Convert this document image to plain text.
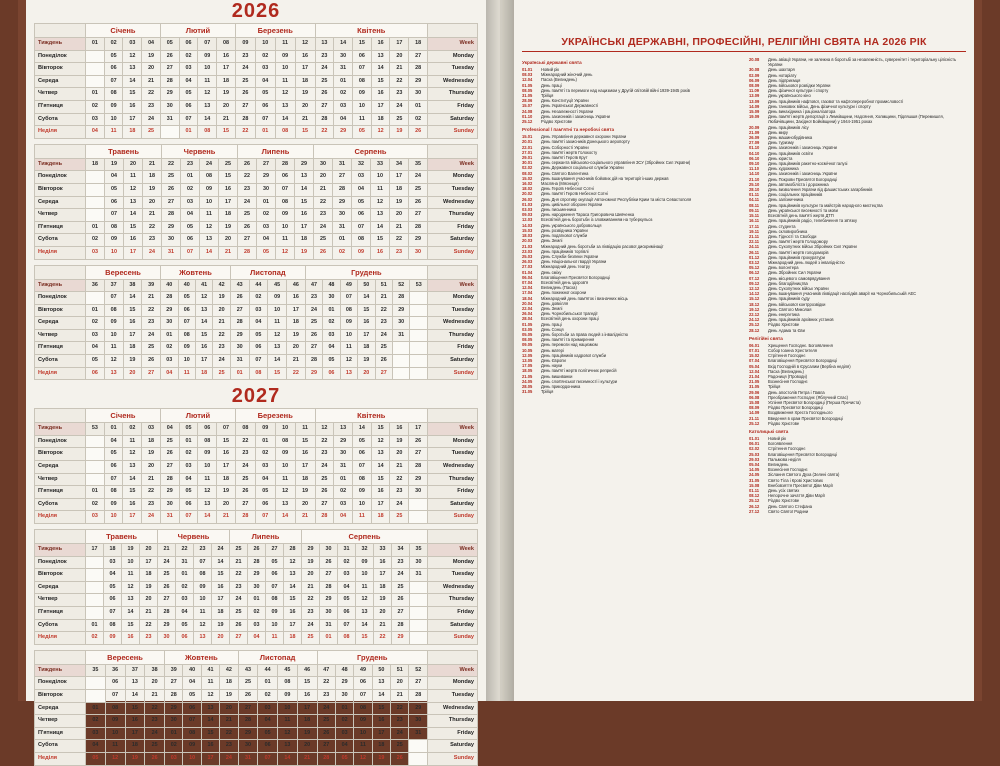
2026
	Січень				Лютий				Березень				Квітень						
Тиждень	01	02	03	04	05	06	07	08	09	10	11	12	13	14	15	16	17	18	Week
Понеділок		05	12	19	26	02	09	16	23	02	09	16	23	30	06	13	20	27	Monday
Вівторок		06	13	20	27	03	10	17	24	03	10	17	24	31	07	14	21	28	Tuesday
Середа		07	14	21	28	04	11	18	25	04	11	18	25	01	08	15	22	29	Wednesday
Четвер	01	08	15	22	29	05	12	19	26	05	12	19	26	02	09	16	23	30	Thursday
П'ятниця	02	09	16	23	30	06	13	20	27	06	13	20	27	03	10	17	24	01	Friday
Субота	03	10	17	24	31	07	14	21	28	07	14	21	28	04	11	18	25	02	Saturday
Неділя	04	11	18	25		01	08	15	22	01	08	15	22	29	05	12	19	26	Sunday
	Травень				Червень				Липень				Серпень						
Тиждень	18	19	20	21	22	23	24	25	26	27	28	29	30	31	32	33	34	35	Week
Понеділок		04	11	18	25	01	08	15	22	29	06	13	20	27	03	10	17	24	Monday
Вівторок		05	12	19	26	02	09	16	23	30	07	14	21	28	04	11	18	25	Tuesday
Середа		06	13	20	27	03	10	17	24	01	08	15	22	29	05	12	19	26	Wednesday
Четвер		07	14	21	28	04	11	18	25	02	09	16	23	30	06	13	20	27	Thursday
П'ятниця	01	08	15	22	29	05	12	19	26	03	10	17	24	31	07	14	21	28	Friday
Субота	02	09	16	23	30	06	13	20	27	04	11	18	25	01	08	15	22	29	Saturday
Неділя	03	10	17	24	31	07	14	21	28	05	12	19	26	02	09	16	23	30	Sunday
	Вересень				Жовтень				Листопад				Грудень							
Тиждень	36	37	38	39	40	40	41	42	43	44	45	46	47	48	49	50	51	52	53	Week
Понеділок		07	14	21	28	05	12	19	26	02	09	16	23	30	07	14	21	28		Monday
Вівторок	01	08	15	22	29	06	13	20	27	03	10	17	24	01	08	15	22	29		Tuesday
Середа	02	09	16	23	30	07	14	21	28	04	11	18	25	02	09	16	23	30		Wednesday
Четвер	03	10	17	24	01	08	15	22	29	05	12	19	26	03	10	17	24	31		Thursday
П'ятниця	04	11	18	25	02	09	16	23	30	06	13	20	27	04	11	18	25			Friday
Субота	05	12	19	26	03	10	17	24	31	07	14	21	28	05	12	19	26			Saturday
Неділя	06	13	20	27	04	11	18	25	01	08	15	22	29	06	13	20	27			Sunday
2027
	Січень				Лютий				Березень				Квітень						
Тиждень	53	01	02	03	04	05	06	07	08	09	10	11	12	13	14	15	16	17	Week
Понеділок		04	11	18	25	01	08	15	22	01	08	15	22	29	05	12	19	26	Monday
Вівторок		05	12	19	26	02	09	16	23	02	09	16	23	30	06	13	20	27	Tuesday
Середа		06	13	20	27	03	10	17	24	03	10	17	24	31	07	14	21	28	Wednesday
Четвер		07	14	21	28	04	11	18	25	04	11	18	25	01	08	15	22	29	Thursday
П'ятниця	01	08	15	22	29	05	12	19	26	05	12	19	26	02	09	16	23	30	Friday
Субота	02	09	16	23	30	06	13	20	27	06	13	20	27	03	10	17	24		Saturday
Неділя	03	10	17	24	31	07	14	21	28	07	14	21	28	04	11	18	25		Sunday
	Травень				Червень				Липень				Серпень							
Тиждень	17	18	19	20	21	22	23	24	25	26	27	28	29	30	31	32	33	34	35	Week
Понеділок		03	10	17	24	31	07	14	21	28	05	12	19	26	02	09	16	23	30	Monday
Вівторок		04	11	18	25	01	08	15	22	29	06	13	20	27	03	10	17	24	31	Tuesday
Середа		05	12	19	26	02	09	16	23	30	07	14	21	28	04	11	18	25		Wednesday
Четвер		06	13	20	27	03	10	17	24	01	08	15	22	29	05	12	19	26		Thursday
П'ятниця		07	14	21	28	04	11	18	25	02	09	16	23	30	06	13	20	27		Friday
Субота	01	08	15	22	29	05	12	19	26	03	10	17	24	31	07	14	21	28		Saturday
Неділя	02	09	16	23	30	06	13	20	27	04	11	18	25	01	08	15	22	29		Sunday
	Вересень				Жовтень				Листопад				Грудень						
Тиждень	35	36	37	38	39	40	41	42	43	44	45	46	47	48	49	50	51	52	Week
Понеділок		06	13	20	27	04	11	18	25	01	08	15	22	29	06	13	20	27	Monday
Вівторок		07	14	21	28	05	12	19	26	02	09	16	23	30	07	14	21	28	Tuesday
Середа	01	08	15	22	29	06	13	20	27	03	10	17	24	01	08	15	22	29	Wednesday
Четвер	02	09	16	23	30	07	14	21	28	04	11	18	25	02	09	16	23	30	Thursday
П'ятниця	03	10	17	24	01	08	15	22	29	05	12	19	26	03	10	17	24	31	Friday
Субота	04	11	18	25	02	09	16	23	30	06	13	20	27	04	11	18	25		Saturday
Неділя	05	12	19	26	03	10	17	24	31	07	14	21	28	05	12	19	26		Sunday
УКРАЇНСЬКІ ДЕРЖАВНІ, ПРОФЕСІЙНІ, РЕЛІГІЙНІ СВЯТА НА 2026 РІК
Українські державні свята
01.01	Новий рік
08.03	Міжнародний жіночий день
12.04	Пасха (Великдень)
01.05	День праці
08.05	День пам'яті та перемоги над нацизмом у Другій світовій війні 1939-1945 років
31.05	Трійця
28.06	День Конституції України
15.07	День Української Державності
24.08	День Незалежності України
01.10	День захисників і захисниць України
25.12	Різдво Христове
Professional / пам'ятні та неробочі свята
15.01	День Управління державної охорони України
20.01	День пам'яті захисників Донецького аеропорту
22.01	День Соборності України
27.01	День пам'яті жертв Голокосту
29.01	День пам'яті Героїв Крут
30.01	День сержанта військово-соціального управління ЗСУ (Збройних Сил України)
02.02	День Державної соціальної служби України
08.02	День Святого Валентина
15.02	День вшанування учасників бойових дій на території інших держав
16.02	Масляна (Мясниця)
18.02	День Героїв Небесної Сотні
20.02	День пам'яті Героїв Небесної Сотні
26.02	День Дня спротиву окупації Автономної Республіки Крим та міста Севастополя
01.03	День цивільної оборони України
03.03	День письменника
09.03	День народження Тараса Григоровича Шевченка
12.03	Всесвітній день боротьби із зловживанням на туберкульоз
14.03	День українського добровольця
15.03	День розвідника України
18.03	День податкової служби
20.03	День Землі
21.03	Міжнародний день боротьби за ліквідацію расової дискримінації
23.03	День працівників торгівлі
25.03	День Служби безпеки України
26.03	День Національної гвардії України
27.03	Міжнародний день театру
01.04	День сміху
06.04	Благовіщення Пресвятої Богородиці
07.04	Всесвітній день здоров'я
12.04	Великдень (Пасха)
17.04	День пожежної охорони
18.04	Міжнародний день пам'яток і визначних місць
20.04	День довкілля
22.04	День Землі
26.04	День Чорнобильської трагедії
28.04	Всесвітній день охорони праці
01.05	День праці
03.05	День Сонця
05.05	День боротьби за права людей з інвалідністю
08.05	День пам'яті та примирення
09.05	День перемоги над нацизмом
10.05	День матері
12.05	День працівників кадрової служби
13.05	День Європи
17.05	День науки
18.05	День пам'яті жертв політичних репресій
21.05	День вишиванки
24.05	День слов'янської писемності і культури
28.05	День прикордонника
31.05	Трійця
20.08	День авіації України, не залежна в боротьбі за незалежність, суверенітет і територіальну цілісність України
30.08	День шахтаря
02.09	День нотаріату
06.09	День підприємця
08.09	День військової розвідки України
11.09	День фізичної культури і спорту
13.09	День українського кіно
13.09	День працівників нафтової, газової та нафтопереробної промисловості
14.09	День танкових військ, День фізичної культури і спорту
15.09	День винахідника і раціоналізатора
19.09	День пам'яті жертв депортації з Лемківщини, Надсяння, Холмщини, Підляшшя (Перемишля, Любачівщини, Західної Бойківщини) у 1944-1951 роках
20.09	День працівників лісу
21.09	День миру
26.09	День машинобудівника
27.09	День туризму
01.10	День захисників і захисниць України
04.10	День працівників освіти
06.10	День юриста
09.10	День працівників ракетно-космічної галузі
11.10	День художника
14.10	День захисників і захисниць України
21.10	День Покрови Пресвятої Богородиці
25.10	День автомобіліста і дорожника
28.10	День визволення України від фашистських загарбників
01.11	День соціальних працівників
04.11	День залізничника
08.11	День працівників культури та майстрів народного мистецтва
09.11	День української писемності та мови
15.11	Всесвітній день пам'яті жертв ДТП
16.11	День працівників радіо, телебачення та зв'язку
17.11	День студента
19.11	День скловиробника
21.11	День Гідності та Свободи
22.11	День пам'яті жертв Голодомору
24.11	День Сухопутних військ Збройних Сил України
26.11	День пам'яті жертв голодоморів
01.12	День працівників прокуратури
03.12	Міжнародний день людей з інвалідністю
05.12	День волонтера
06.12	День Збройних Сил України
07.12	День місцевого самоврядування
09.12	День благодійництва
12.12	День Сухопутних військ України
14.12	День вшанування учасників ліквідації наслідків аварії на Чорнобильській АЕС
15.12	День працівників суду
18.12	День військової контррозвідки
19.12	День Святого Миколая
22.12	День енергетика
24.12	День працівників архівних установ
25.12	Різдво Христове
28.12	День Адама та Єви
Релігійні свята
06.01	Хрещення Господнє. Богоявлення
07.01	Собор Іоанна Хрестителя
15.02	Стрітення Господнє
07.04	Благовіщення Пресвятої Богородиці
05.04	Вхід Господній в Єрусалим (Вербна неділя)
12.04	Пасха (Великдень)
21.04	Радониця (Проводи)
21.05	Вознесіння Господнє
31.05	Трійця
29.06	День апостолів Петра і Павла
06.08	Преображення Господнє (Яблучний Спас)
15.08	Успіння Пресвятої Богородиці (Перша Пречиста)
08.09	Різдво Пресвятої Богородиці
14.09	Воздвиження Хреста Господнього
21.11	Введення в храм Пресвятої Богородиці
25.12	Різдво Христове
Католицькі свята
01.01	Новий рік
06.01	Богоявлення
02.02	Стрітення Господнє
25.03	Благовіщення Пресвятої Богородиці
29.03	Пальмова неділя
05.04	Великдень
14.05	Вознесіння Господнє
24.05	Зіслання Святого Духа (Зелені свята)
31.05	Свято Тіла і Крові Христових
15.08	Внебовзяття Пресвятої Діви Марії
01.11	День усіх святих
08.12	Непорочне зачаття Діви Марії
25.12	Різдво Христове
26.12	День Святого Стефана
27.12	Свято Святої Родини
